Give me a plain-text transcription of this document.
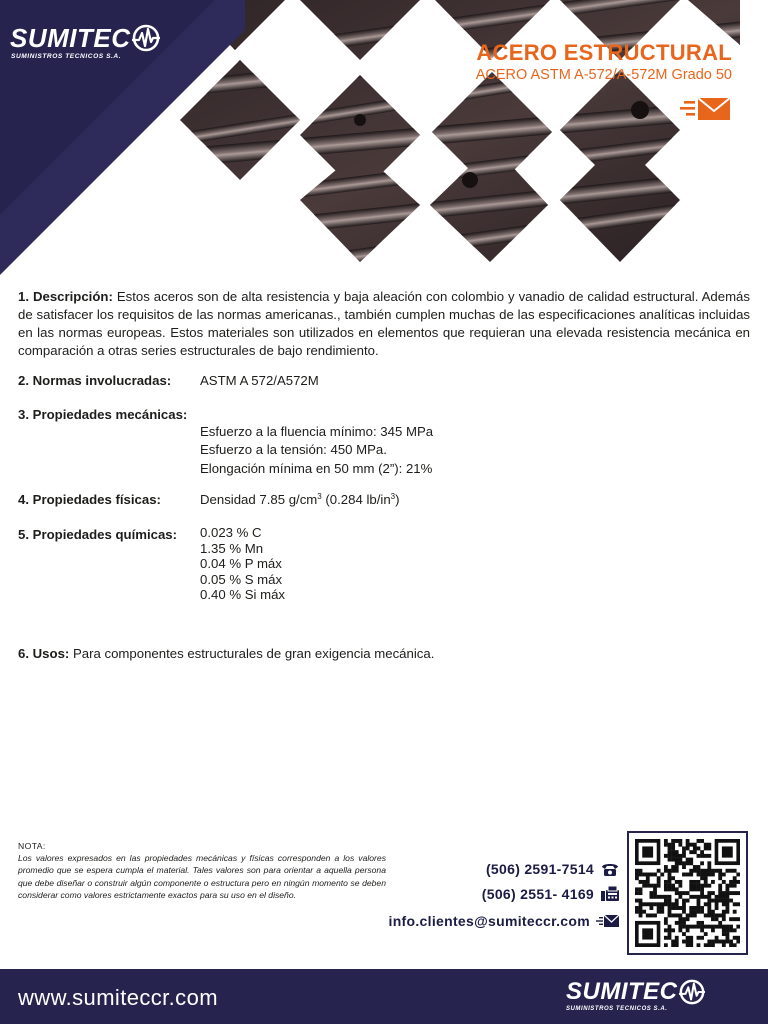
SUMITEC
SUMINISTROS TECNICOS S.A.	ACERO ESTRUCTURAL
ACERO ASTM A-572/A-572M Grado 50
1. Descripción: Estos aceros son de alta resistencia y baja aleación con colombio y vanadio de calidad estructural. Además de satisfacer los requisitos de las normas americanas., también cumplen muchas de las especificaciones analíticas incluidas en las normas europeas. Estos materiales son utilizados en elementos que requieran una elevada resistencia mecánica en comparación a otras series estructurales de bajo rendimiento.
2. Normas involucradas: ASTM A 572/A572M
3. Propiedades mecánicas:
Esfuerzo a la fluencia mínimo: 345 MPa
Esfuerzo a la tensión: 450 MPa.
Elongación mínima en 50 mm (2”): 21%
4. Propiedades físicas:	Densidad 7.85 $g/cm^3$ (0.284 $lb/in^3$)
5. Propiedades químicas: 0.023 % C
1.35 % Mn
0.04 % P máx
0.05 % S máx
0.40 % Si máx
6. Usos: Para componentes estructurales de gran exigencia mecánica.
NOTA:
Los valores expresados en las propiedades mecánicas y físicas corresponden a los valores promedio que se espera cumpla el material. Tales valores son para orientar a aquella persona que debe diseñar o construir algún componente o estructura pero en ningún momento se deben considerar como valores estrictamente exactos para su uso en el diseño.
(506) 2591-7514
(506) 2551- 4169
info.clientes@sumiteccr.com
www.sumiteccr.com	SUMITEC
SUMINISTROS TECNICOS S.A.
